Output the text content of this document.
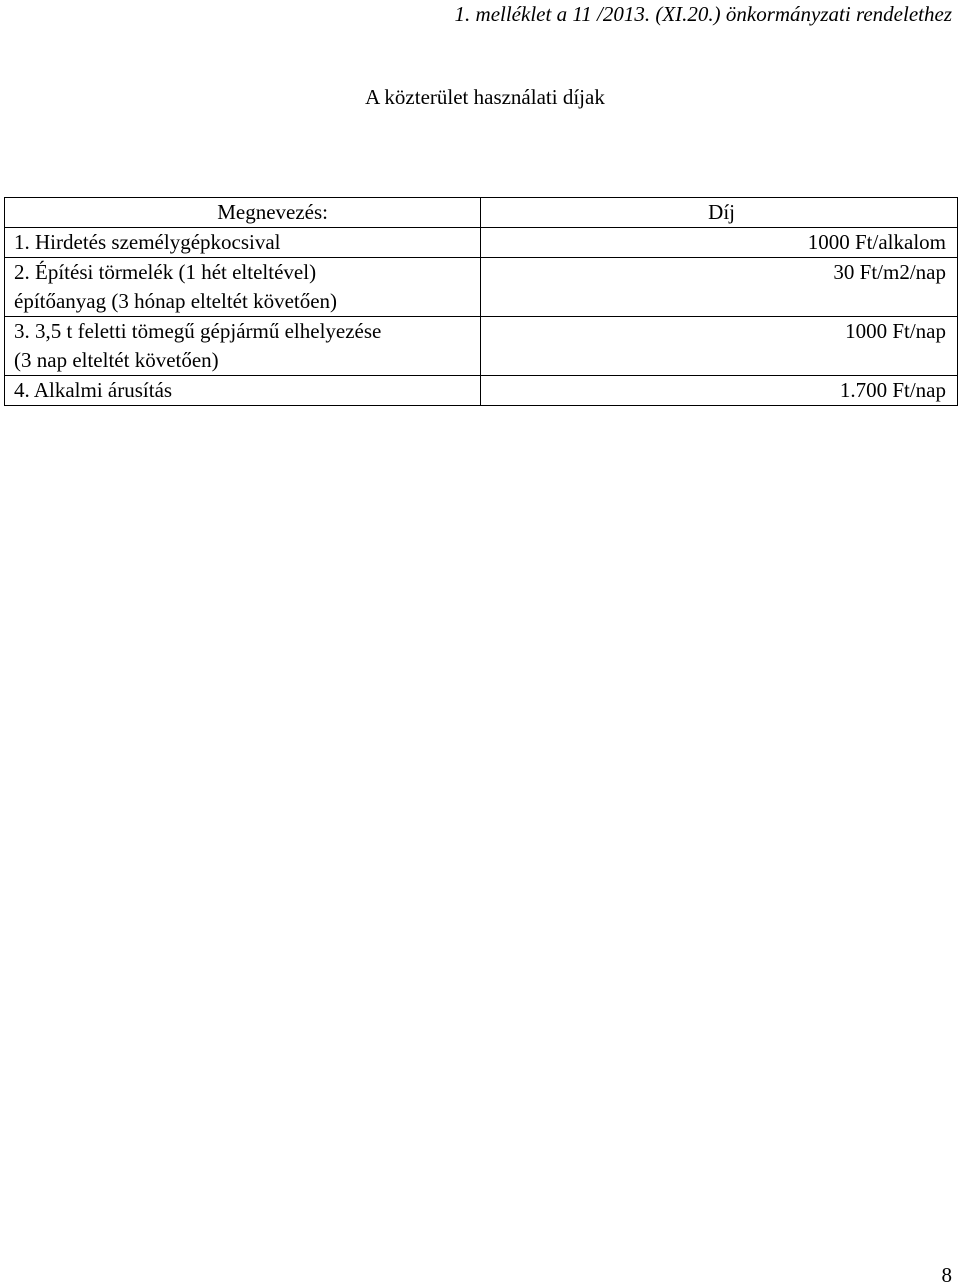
1. melléklet a 11 /2013. (XI.20.) önkormányzati rendelethez
A közterület használati díjak
Megnevezés:	Díj

1. Hirdetés személygépkocsival	1000 Ft/alkalom

2. Építési törmelék (1 hét elteltével)
építőanyag (3 hónap elteltét követően)	30 Ft/m2/nap

3. 3,5 t feletti tömegű gépjármű elhelyezése
(3 nap elteltét követően)	1000 Ft/nap

4. Alkalmi árusítás	1.700 Ft/nap
8
